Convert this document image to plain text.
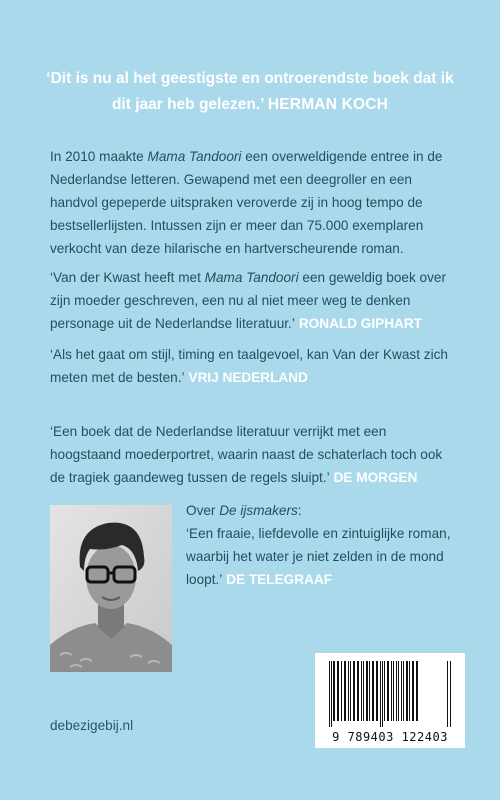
‘Dit is nu al het geestigste en ontroerendste boek dat ik dit jaar heb gelezen.’ HERMAN KOCH

In 2010 maakte Mama Tandoori een overweldigende entree in de Nederlandse letteren. Gewapend met een deegroller en een handvol gepeperde uitspraken veroverde zij in hoog tempo de bestsellerlijsten. Intussen zijn er meer dan 75.000 exemplaren verkocht van deze hilarische en hartverscheurende roman.

‘Van der Kwast heeft met Mama Tandoori een geweldig boek over zijn moeder geschreven, een nu al niet meer weg te denken personage uit de Nederlandse literatuur.’ RONALD GIPHART

‘Als het gaat om stijl, timing en taalgevoel, kan Van der Kwast zich meten met de besten.’ VRIJ NEDERLAND

‘Een boek dat de Nederlandse literatuur verrijkt met een hoogstaand moederportret, waarin naast de schaterlach toch ook de tragiek gaandeweg tussen de regels sluipt.’ DE MORGEN

Over De ijsmakers:
‘Een fraaie, liefdevolle en zintuiglijke roman, waarbij het water je niet zelden in de mond loopt.’ DE TELEGRAAF
9 789403 122403
debezigebij.nl
